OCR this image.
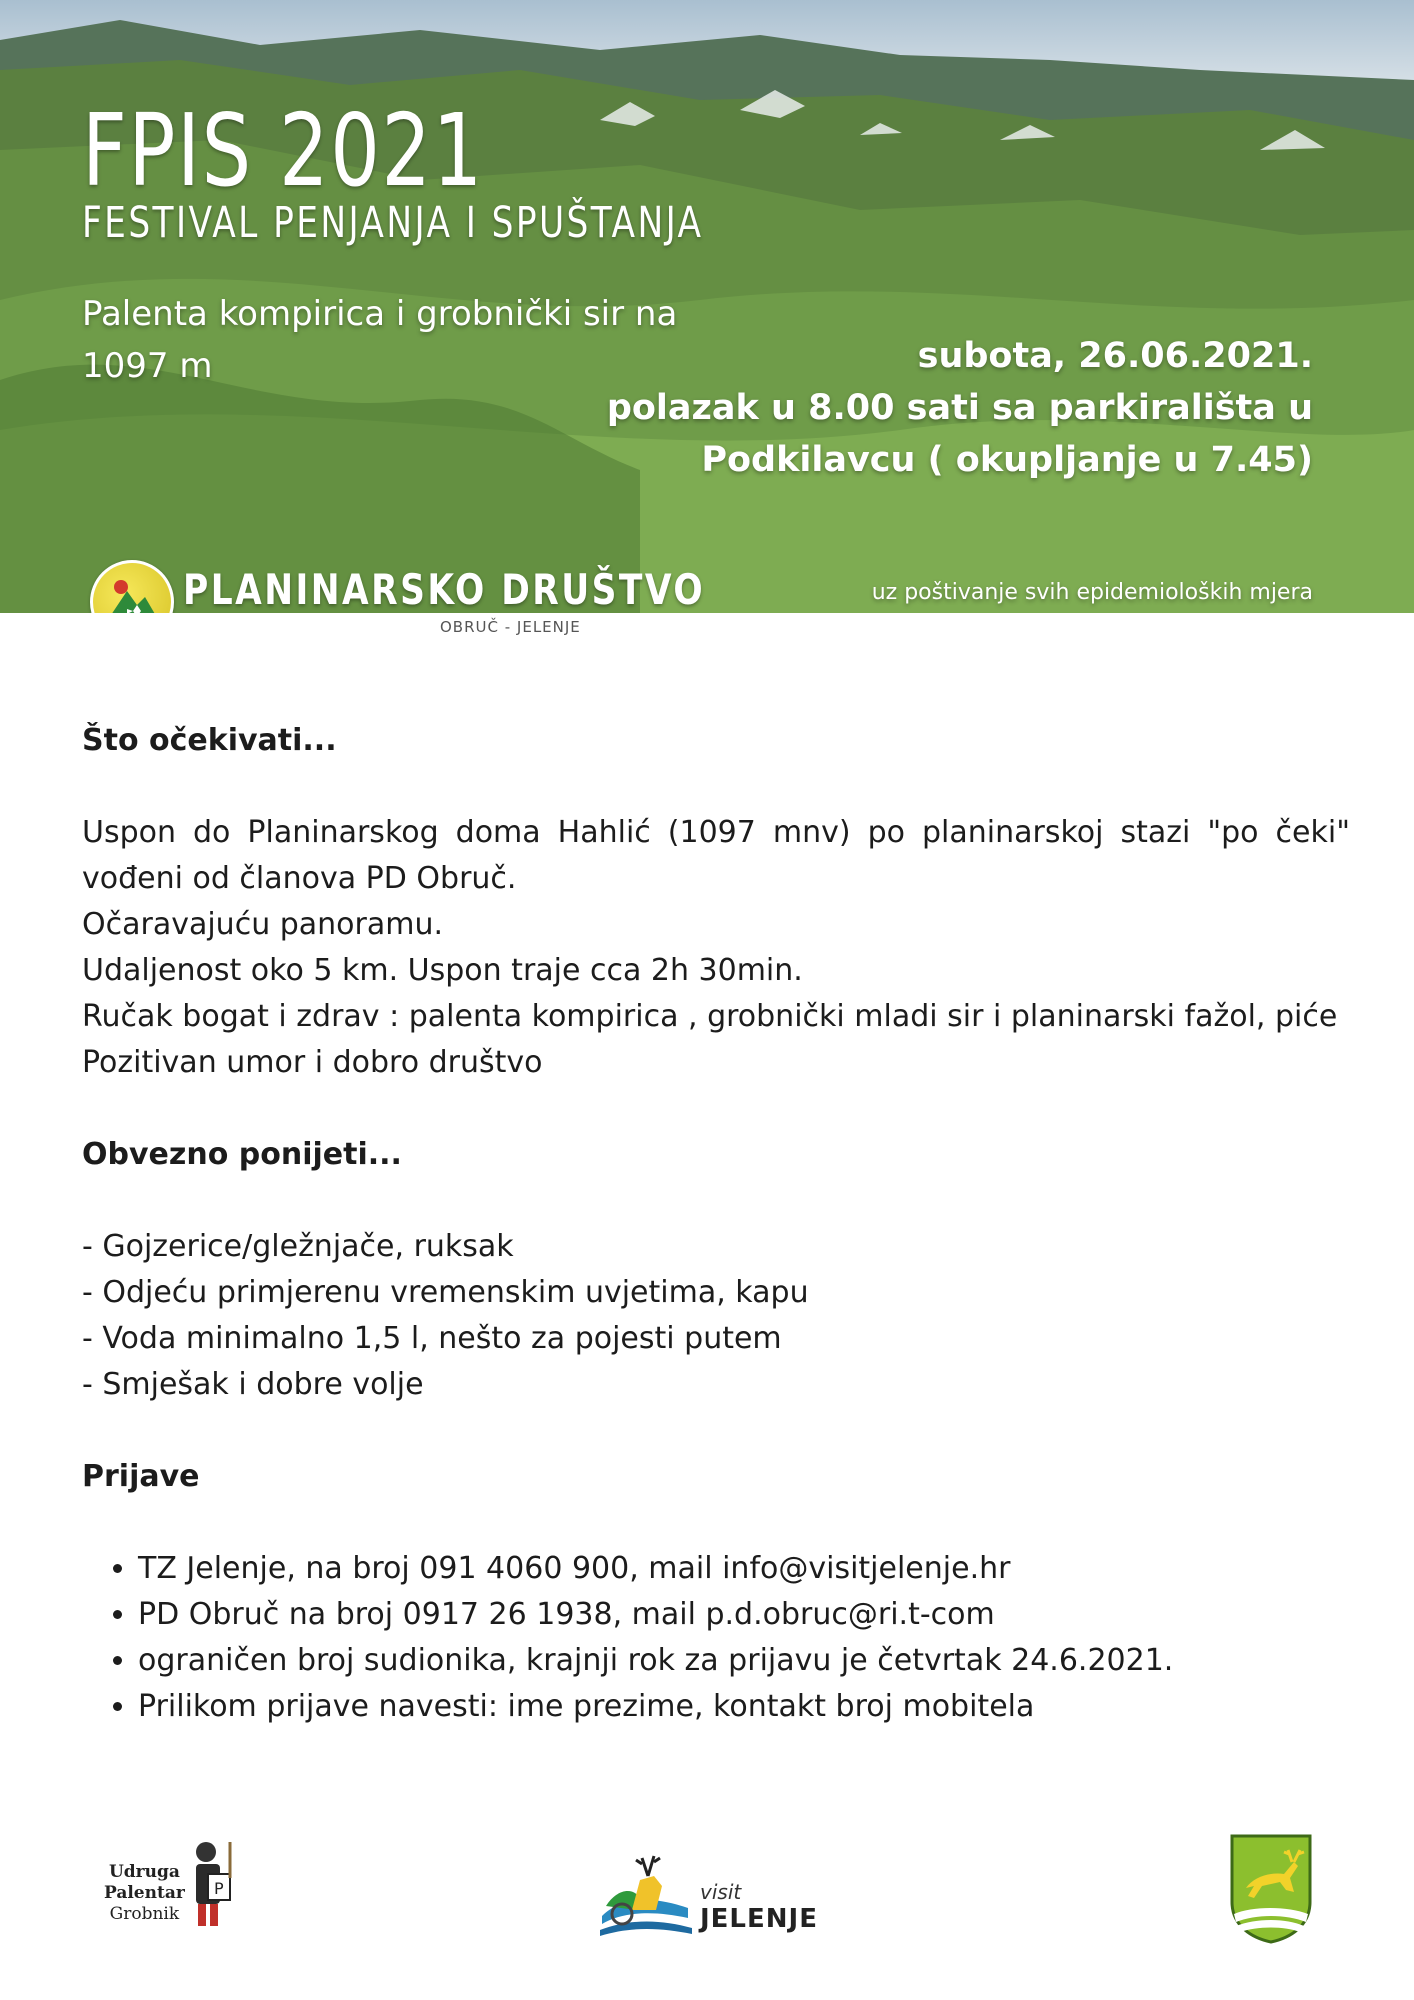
FPIS 2021
FESTIVAL PENJANJA I SPUŠTANJA
Palenta kompirica i grobnički sir na 1097 m	subota, 26.06.2021.
polazak u 8.00 sati sa parkirališta u
Podkilavcu ( okupljanje u 7.45)
PLANINARSKO DRUŠTVO	uz poštivanje svih epidemioloških mjera
OBRUČ - JELENJE
Što očekivati...

Uspon do Planinarskog doma Hahlić (1097 mnv) po planinarskoj stazi "po čeki" vođeni od članova PD Obruč.

Očaravajuću panoramu.

Udaljenost oko 5 km. Uspon traje cca 2h 30min.

Ručak bogat i zdrav : palenta kompirica , grobnički mladi sir i planinarski fažol, piće

Pozitivan umor i dobro društvo

Obvezno ponijeti...

- Gojzerice/gležnjače, ruksak

- Odjeću primjerenu vremenskim uvjetima, kapu

- Voda minimalno 1,5 l, nešto za pojesti putem

- Smješak i dobre volje

Prijave
• TZ Jelenje, na broj 091 4060 900, mail info@visitjelenje.hr
• PD Obruč na broj 0917 26 1938, mail p.d.obruc@ri.t-com
• ograničen broj sudionika, krajnji rok za prijavu je četvrtak 24.6.2021.
• Prilikom prijave navesti: ime prezime, kontakt broj mobitela
Udruga
Palentar
Grobnik
P	visit
JELENJE
